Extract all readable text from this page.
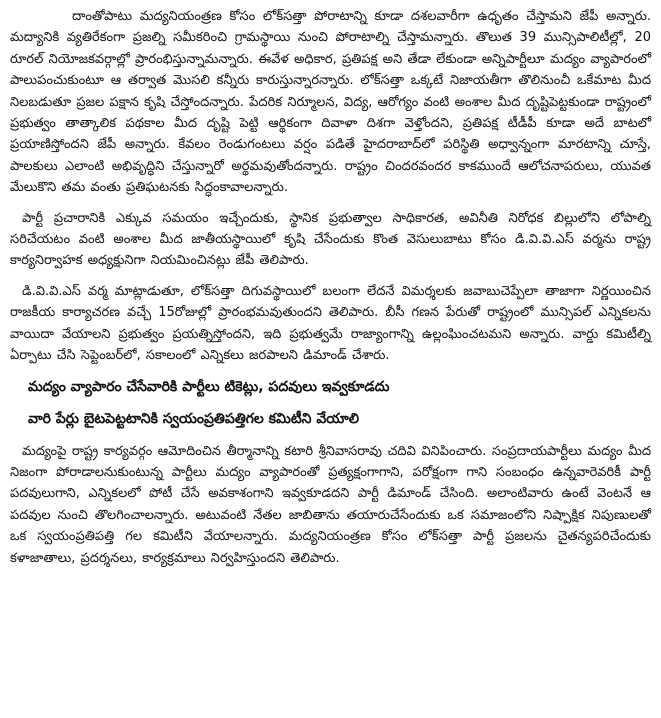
దాంతోపాటు మద్యనియంత్రణ కోసం లోక్‌సత్తా పోరాటాన్ని కూడా దశలవారీగా ఉధృతం చేస్తామని జేపీ అన్నారు. మద్యానికి వ్యతిరేకంగా ప్రజల్ని సమీకరించి గ్రామస్థాయి నుంచి పోరాటాల్ని చేస్తామన్నారు. తొలుత 39 మున్సిపాలిటీల్లో, 20 రూరల్ నియోజకవర్గాల్లో ప్రారంభిస్తున్నామన్నారు. ఈవేళ అధికార, ప్రతిపక్ష అని తేడా లేకుండా అన్నిపార్టీలూ మద్యం వ్యాపారంలో పాలుపంచుకుంటూ ఆ తర్వాత మొసలి కన్నీరు కారుస్తున్నారన్నారు. లోక్‌సత్తా ఒక్కటే నిజాయతీగా తొలినుంచీ ఒకేమాట మీద నిలబడుతూ ప్రజల పక్షాన కృషి చేస్తోందన్నారు. పేదరిక నిర్మూలన, విద్య, ఆరోగ్యం వంటి అంశాల మీద దృష్టిపెట్టకుండా రాష్ట్రంలో ప్రభుత్వం తాత్కాలిక పథకాల మీద దృష్టి పెట్టి ఆర్థికంగా దివాళా దిశగా వెళ్తోందని, ప్రతిపక్ష టీడీపీ కూడా అదే బాటలో ప్రయాణిస్తోందని జేపీ అన్నారు. కేవలం రెండుగంటలు వర్షం పడితే హైదరాబాద్‌లో పరిస్థితి అధ్వాన్నంగా మారటాన్ని చూస్తే, పాలకులు ఎలాంటి అభివృద్ధిని చేస్తున్నారో అర్థమవుతోందన్నారు. రాష్ట్రం చిందరవందర కాకముందే ఆలోచనాపరులు, యువత మేలుకొని తమ వంతు ప్రతిఘటనకు సిద్ధంకావాలన్నారు.

పార్టీ ప్రచారానికి ఎక్కువ సమయం ఇచ్చేందుకు, స్థానిక ప్రభుత్వాల సాధికారత, అవినీతి నిరోధక బిల్లులోని లోపాల్ని సరిచేయటం వంటి అంశాల మీద జాతీయస్థాయిలో కృషి చేసేందుకు కొంత వెసులుబాటు కోసం డి.వి.వి.ఎస్ వర్మను రాష్ట్ర కార్యనిర్వాహక అధ్యక్షునిగా నియమించినట్లు జేపీ తెలిపారు.

డి.వి.వి.ఎస్ వర్మ మాట్లాడుతూ, లోక్‌సత్తా దిగువస్థాయిలో బలంగా లేదనే విమర్శలకు జవాబుచెప్పేలా తాజాగా నిర్ణయించిన రాజకీయ కార్యాచరణ వచ్చే 15రోజుల్లో ప్రారంభమవుతుందని తెలిపారు. బీసీ గణన పేరుతో రాష్ట్రంలో మున్సిపల్ ఎన్నికలను వాయిదా వేయాలని ప్రభుత్వం ప్రయత్నిస్తోందని, ఇది ప్రభుత్వమే రాజ్యాంగాన్ని ఉల్లంఘించటమని అన్నారు. వార్డు కమిటీల్ని ఏర్పాటు చేసి సెప్టెంబర్‌లో, సకాలంలో ఎన్నికలు జరపాలని డిమాండ్ చేశారు.

మద్యం వ్యాపారం చేసేవారికి పార్టీలు టికెట్లు, పదవులు ఇవ్వకూడదు

వారి పేర్లు బైటపెట్టటానికి స్వయంప్రతిపత్తిగల కమిటీని వేయాలి

మద్యంపై రాష్ట్ర కార్యవర్గం ఆమోదించిన తీర్మానాన్ని కటారి శ్రీనివాసరావు చదివి వినిపించారు. సంప్రదాయపార్టీలు మద్యం మీద నిజంగా పోరాడాలనుకుంటున్న పార్టీలు మద్యం వ్యాపారంతో ప్రత్యక్షంగాగాని, పరోక్షంగా గాని సంబంధం ఉన్నవారెవరికీ పార్టీ పదవులుగాని, ఎన్నికలలో పోటీ చేసే అవకాశంగాని ఇవ్వకూడదని పార్టీ డిమాండ్ చేసింది. అలాంటివారు ఉంటే వెంటనే ఆ పదవుల నుంచి తొలగించాలన్నారు. అటువంటి నేతల జాబితాను తయారుచేసేందుకు ఒక సమాజంలోని నిష్పాక్షిక నిపుణులతో ఒక స్వయంప్రతిపత్తి గల కమిటీని వేయాలన్నారు. మద్యనియంత్రణ కోసం లోక్‌సత్తా పార్టీ ప్రజలను చైతన్యపరిచేందుకు కళాజాతాలు, ప్రదర్శనలు, కార్యక్రమాలు నిర్వహిస్తుందని తెలిపారు.
